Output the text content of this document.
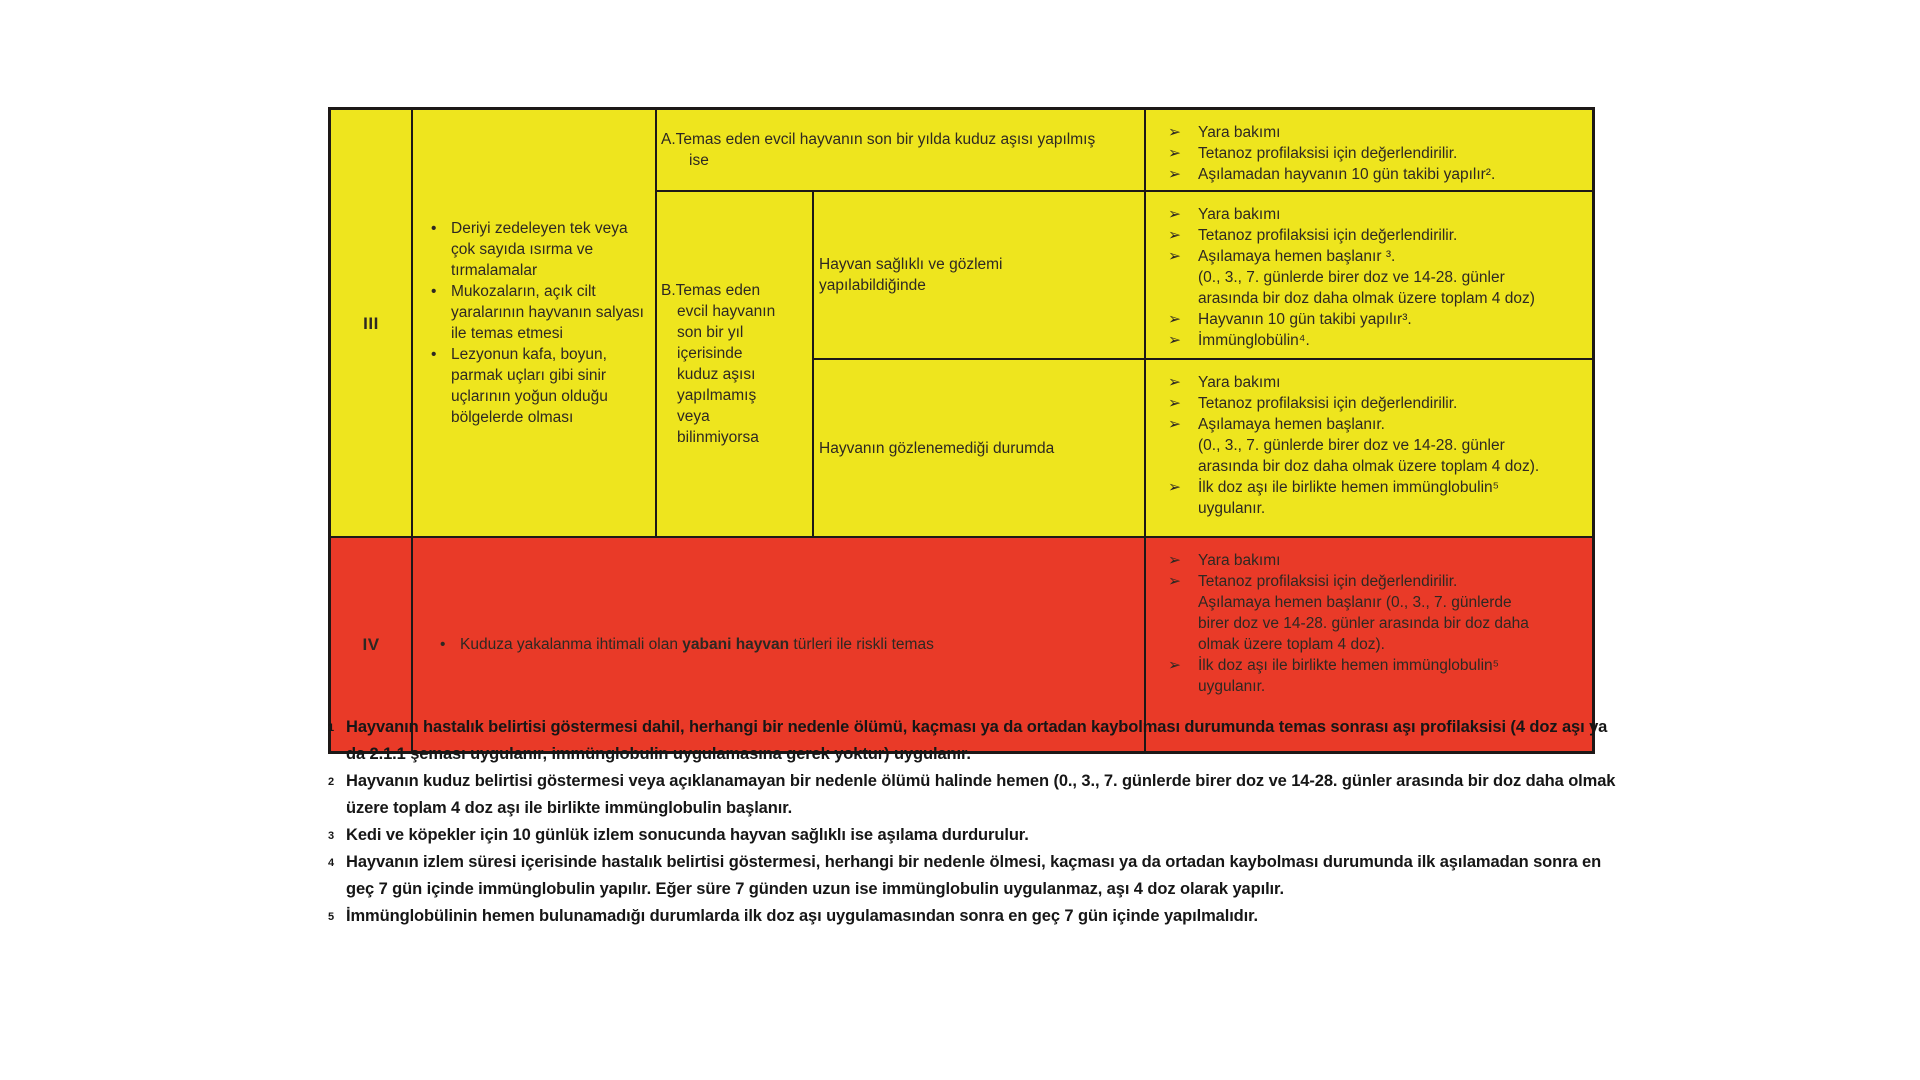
III
• Deriyi zedeleyen tek veya çok sayıda ısırma ve tırmalamalar
• Mukozaların, açık cilt yaralarının hayvanın salyası ile temas etmesi
• Lezyonun kafa, boyun, parmak uçları gibi sinir uçlarının yoğun olduğu bölgelerde olması
A.Temas eden evcil hayvanın son bir yılda kuduz aşısı yapılmış
ise
➢ Yara bakımı
➢ Tetanoz profilaksisi için değerlendirilir.
➢ Aşılamadan hayvanın 10 gün takibi yapılır².
B.Temas eden
evcil hayvanın
son bir yıl
içerisinde
kuduz aşısı
yapılmamış
veya
bilinmiyorsa
Hayvan sağlıklı ve gözlemi
yapılabildiğinde
➢ Yara bakımı
➢ Tetanoz profilaksisi için değerlendirilir.
➢ Aşılamaya hemen başlanır ³.
(0., 3., 7. günlerde birer doz ve 14-28. günler
arasında bir doz daha olmak üzere toplam 4 doz)
➢ Hayvanın 10 gün takibi yapılır³.
➢ İmmünglobülin⁴.
Hayvanın gözlenemediği durumda
➢ Yara bakımı
➢ Tetanoz profilaksisi için değerlendirilir.
➢ Aşılamaya hemen başlanır.
(0., 3., 7. günlerde birer doz ve 14-28. günler
arasında bir doz daha olmak üzere toplam 4 doz).
➢ İlk doz aşı ile birlikte hemen immünglobulin⁵
uygulanır.
IV	• Kuduza yakalanma ihtimali olan yabani hayvan türleri ile riskli temas
➢ Yara bakımı
➢ Tetanoz profilaksisi için değerlendirilir.
Aşılamaya hemen başlanır (0., 3., 7. günlerde
birer doz ve 14-28. günler arasında bir doz daha
olmak üzere toplam 4 doz).
➢ İlk doz aşı ile birlikte hemen immünglobulin⁵
uygulanır.
1 Hayvanın hastalık belirtisi göstermesi dahil, herhangi bir nedenle ölümü, kaçması ya da ortadan kaybolması durumunda temas sonrası aşı profilaksisi (4 doz aşı ya da 2.1.1 şeması uygulanır, immünglobulin uygulamasına gerek yoktur) uygulanır.
2 Hayvanın kuduz belirtisi göstermesi veya açıklanamayan bir nedenle ölümü halinde hemen (0., 3., 7. günlerde birer doz ve 14-28. günler arasında bir doz daha olmak üzere toplam 4 doz aşı ile birlikte immünglobulin başlanır.
3 Kedi ve köpekler için 10 günlük izlem sonucunda hayvan sağlıklı ise aşılama durdurulur.
4 Hayvanın izlem süresi içerisinde hastalık belirtisi göstermesi, herhangi bir nedenle ölmesi, kaçması ya da ortadan kaybolması durumunda ilk aşılamadan sonra en geç 7 gün içinde immünglobulin yapılır. Eğer süre 7 günden uzun ise immünglobulin uygulanmaz, aşı 4 doz olarak yapılır.
5 İmmünglobülinin hemen bulunamadığı durumlarda ilk doz aşı uygulamasından sonra en geç 7 gün içinde yapılmalıdır.
